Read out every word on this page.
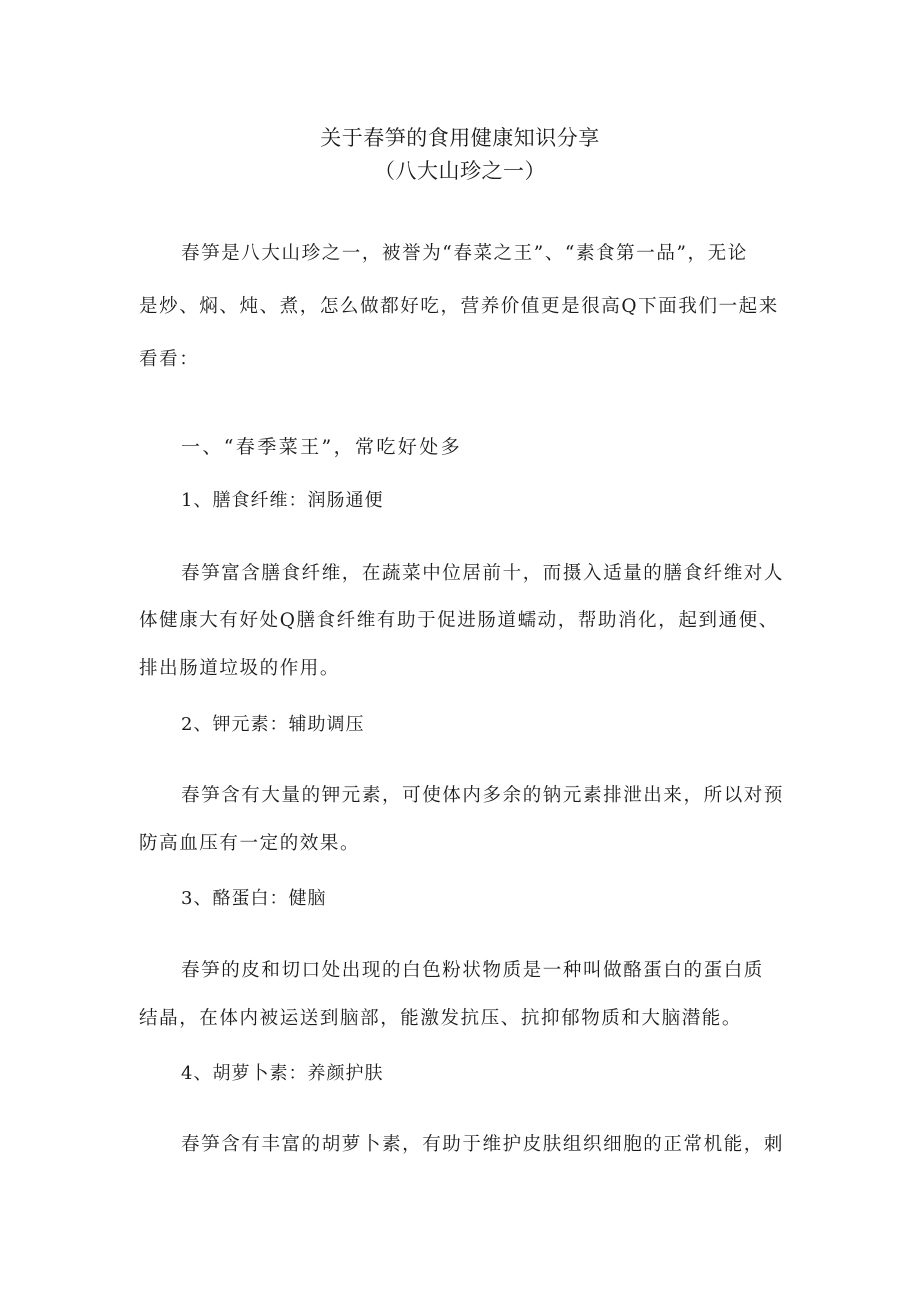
关于春笋的食用健康知识分享
（八大山珍之一）
春笋是八大山珍之一，被誉为“春菜之王”、“素食第一品”，无论
是炒、焖、炖、煮，怎么做都好吃，营养价值更是很高Q下面我们一起来
看看：
一、“春季菜王”，常吃好处多
1、膳食纤维：润肠通便
春笋富含膳食纤维，在蔬菜中位居前十，而摄入适量的膳食纤维对人
体健康大有好处Q膳食纤维有助于促进肠道蠕动，帮助消化，起到通便、
排出肠道垃圾的作用。
2、钾元素：辅助调压
春笋含有大量的钾元素，可使体内多余的钠元素排泄出来，所以对预
防高血压有一定的效果。
3、酪蛋白：健脑
春笋的皮和切口处出现的白色粉状物质是一种叫做酪蛋白的蛋白质
结晶，在体内被运送到脑部，能激发抗压、抗抑郁物质和大脑潜能。
4、胡萝卜素：养颜护肤
春笋含有丰富的胡萝卜素，有助于维护皮肤组织细胞的正常机能，刺
